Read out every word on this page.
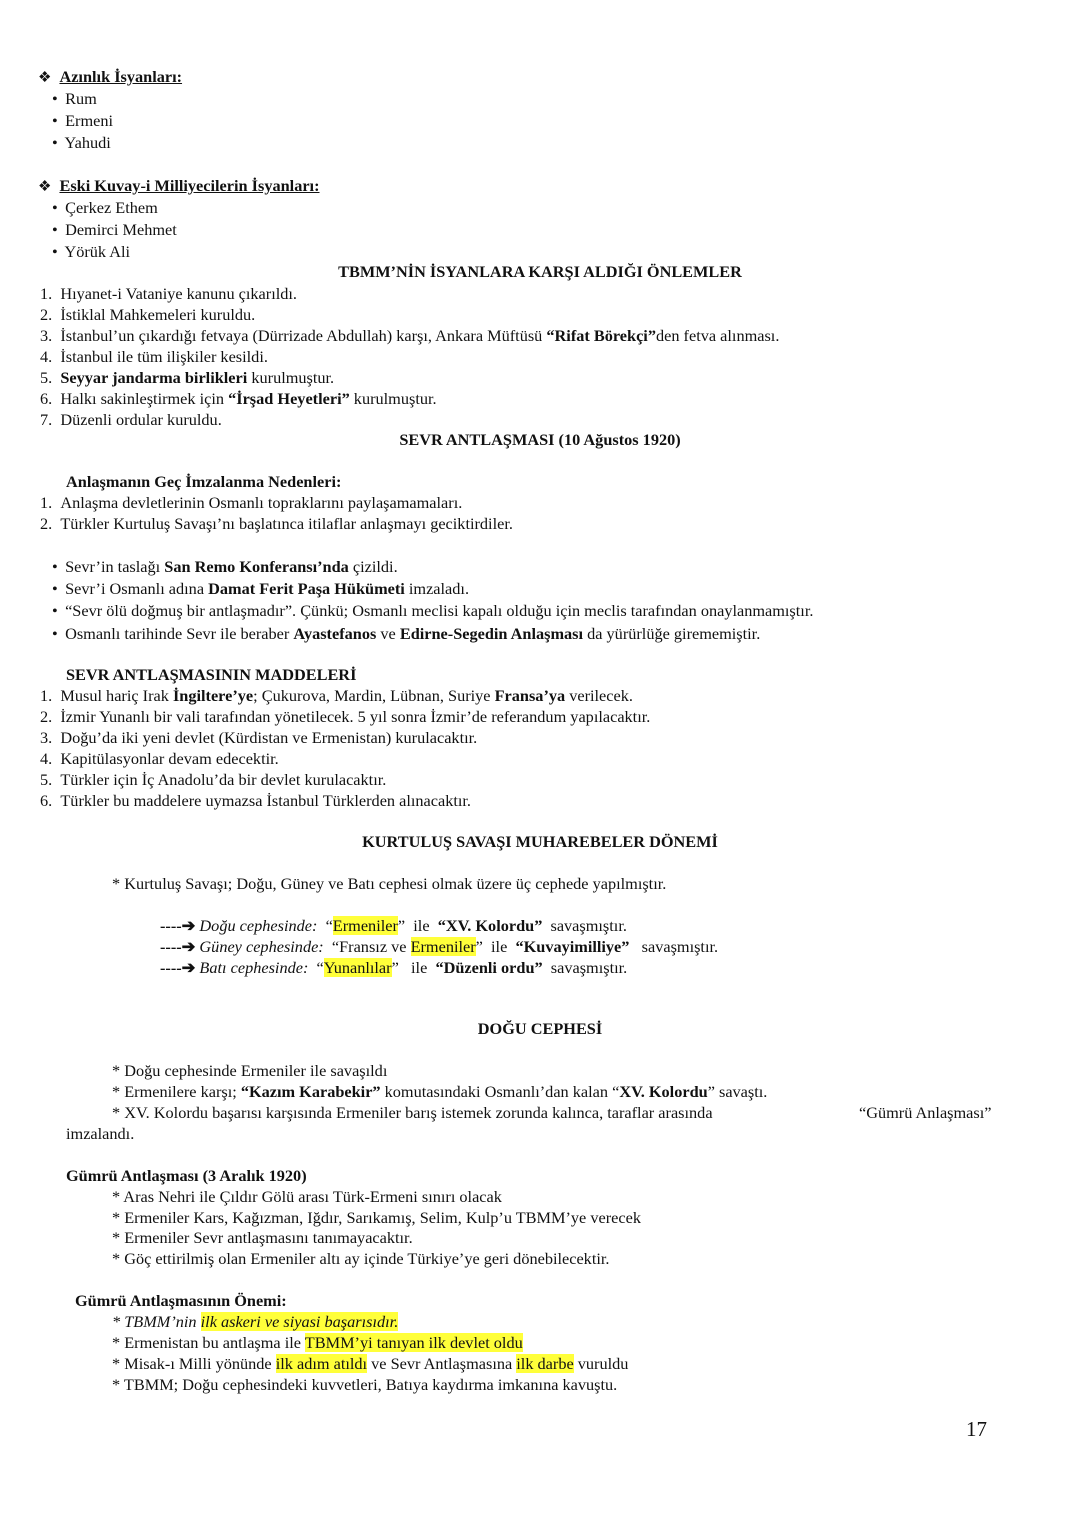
❖ Azınlık İsyanları:
• Rum
• Ermeni
• Yahudi
❖ Eski Kuvay-i Milliyecilerin İsyanları:
• Çerkez Ethem
• Demirci Mehmet
• Yörük Ali
TBMM’NİN İSYANLARA KARŞI ALDIĞI ÖNLEMLER
1.  Hıyanet-i Vataniye kanunu çıkarıldı.
2.  İstiklal Mahkemeleri kuruldu.
3.  İstanbul’un çıkardığı fetvaya (Dürrizade Abdullah) karşı, Ankara Müftüsü “Rifat Börekçi”den fetva alınması.
4.  İstanbul ile tüm ilişkiler kesildi.
5.  Seyyar jandarma birlikleri kurulmuştur.
6.  Halkı sakinleştirmek için “İrşad Heyetleri” kurulmuştur.
7.  Düzenli ordular kuruldu.
SEVR ANTLAŞMASI (10 Ağustos 1920)
Anlaşmanın Geç İmzalanma Nedenleri:
1.  Anlaşma devletlerinin Osmanlı topraklarını paylaşamamaları.
2.  Türkler Kurtuluş Savaşı’nı başlatınca itilaflar anlaşmayı geciktirdiler.
• Sevr’in taslağı San Remo Konferansı’nda çizildi.
• Sevr’i Osmanlı adına Damat Ferit Paşa Hükümeti imzaladı.
• “Sevr ölü doğmuş bir antlaşmadır”. Çünkü; Osmanlı meclisi kapalı olduğu için meclis tarafından onaylanmamıştır.
• Osmanlı tarihinde Sevr ile beraber Ayastefanos ve Edirne-Segedin Anlaşması da yürürlüğe girememiştir.
SEVR ANTLAŞMASININ MADDELERİ
1.  Musul hariç Irak İngiltere’ye; Çukurova, Mardin, Lübnan, Suriye Fransa’ya verilecek.
2.  İzmir Yunanlı bir vali tarafından yönetilecek. 5 yıl sonra İzmir’de referandum yapılacaktır.
3.  Doğu’da iki yeni devlet (Kürdistan ve Ermenistan) kurulacaktır.
4.  Kapitülasyonlar devam edecektir.
5.  Türkler için İç Anadolu’da bir devlet kurulacaktır.
6.  Türkler bu maddelere uymazsa İstanbul Türklerden alınacaktır.
KURTULUŞ SAVAŞI MUHAREBELER DÖNEMİ
* Kurtuluş Savaşı; Doğu, Güney ve Batı cephesi olmak üzere üç cephede yapılmıştır.
----➔ Doğu cephesinde:  “Ermeniler”  ile “XV. Kolordu” savaşmıştır.
----➔ Güney cephesinde:  “Fransız ve Ermeniler”  ile “Kuvayimilliye” savaşmıştır.
----➔ Batı cephesinde:  “Yunanlılar”   ile “Düzenli ordu” savaşmıştır.
DOĞU CEPHESİ
* Doğu cephesinde Ermeniler ile savaşıldı
* Ermenilere karşı; “Kazım Karabekir” komutasındaki Osmanlı’dan kalan “XV. Kolordu” savaştı.
* XV. Kolordu başarısı karşısında Ermeniler barış istemek zorunda kalınca, taraflar arasında	“Gümrü Anlaşması”
imzalandı.
Gümrü Antlaşması (3 Aralık 1920)
* Aras Nehri ile Çıldır Gölü arası Türk-Ermeni sınırı olacak
* Ermeniler Kars, Kağızman, Iğdır, Sarıkamış, Selim, Kulp’u TBMM’ye verecek
* Ermeniler Sevr antlaşmasını tanımayacaktır.
* Göç ettirilmiş olan Ermeniler altı ay içinde Türkiye’ye geri dönebilecektir.
Gümrü Antlaşmasının Önemi:
* TBMM’nin ilk askeri ve siyasi başarısıdır.
* Ermenistan bu antlaşma ile TBMM’yi tanıyan ilk devlet oldu
* Misak-ı Milli yönünde ilk adım atıldı ve Sevr Antlaşmasına ilk darbe vuruldu
* TBMM; Doğu cephesindeki kuvvetleri, Batıya kaydırma imkanına kavuştu.
17
